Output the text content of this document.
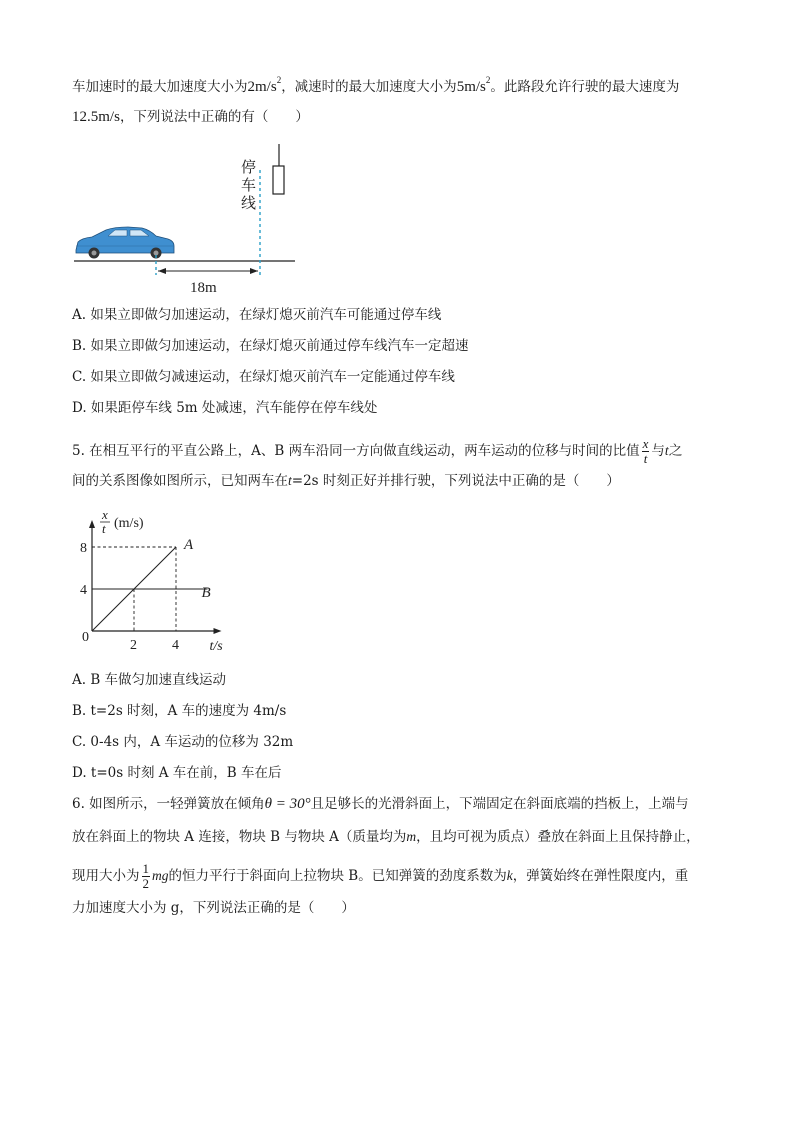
车加速时的最大加速度大小为$2m/s^2$，减速时的最大加速度大小为$5m/s^2$。此路段允许行驶的最大速度为
12.5m/s，下列说法中正确的有（　　）
18m
停
车
线
A. 如果立即做匀加速运动，在绿灯熄灭前汽车可能通过停车线
B. 如果立即做匀加速运动，在绿灯熄灭前通过停车线汽车一定超速
C. 如果立即做匀减速运动，在绿灯熄灭前汽车一定能通过停车线
D. 如果距停车线 5m 处减速，汽车能停在停车线处
5. 在相互平行的平直公路上，A、B 两车沿同一方向做直线运动，两车运动的位移与时间的比值 $\frac{x}{t}$ 与t之
间的关系图像如图所示，已知两车在t=2s 时刻正好并排行驶，下列说法中正确的是（　　）
x
t (m/s)
t/s
0
4
8
2	4
A
B
A. B 车做匀加速直线运动
B. t=2s 时刻，A 车的速度为 4m/s
C. 0-4s 内，A 车运动的位移为 32m
D. t=0s 时刻 A 车在前，B 车在后
6. 如图所示，一轻弹簧放在倾角θ = 30°且足够长的光滑斜面上，下端固定在斜面底端的挡板上，上端与
放在斜面上的物块 A 连接，物块 B 与物块 A（质量均为m，且均可视为质点）叠放在斜面上且保持静止，
现用大小为 $\frac{1}{2}$ mg的恒力平行于斜面向上拉物块 B。已知弹簧的劲度系数为k，弹簧始终在弹性限度内，重
力加速度大小为 g，下列说法正确的是（　　）
